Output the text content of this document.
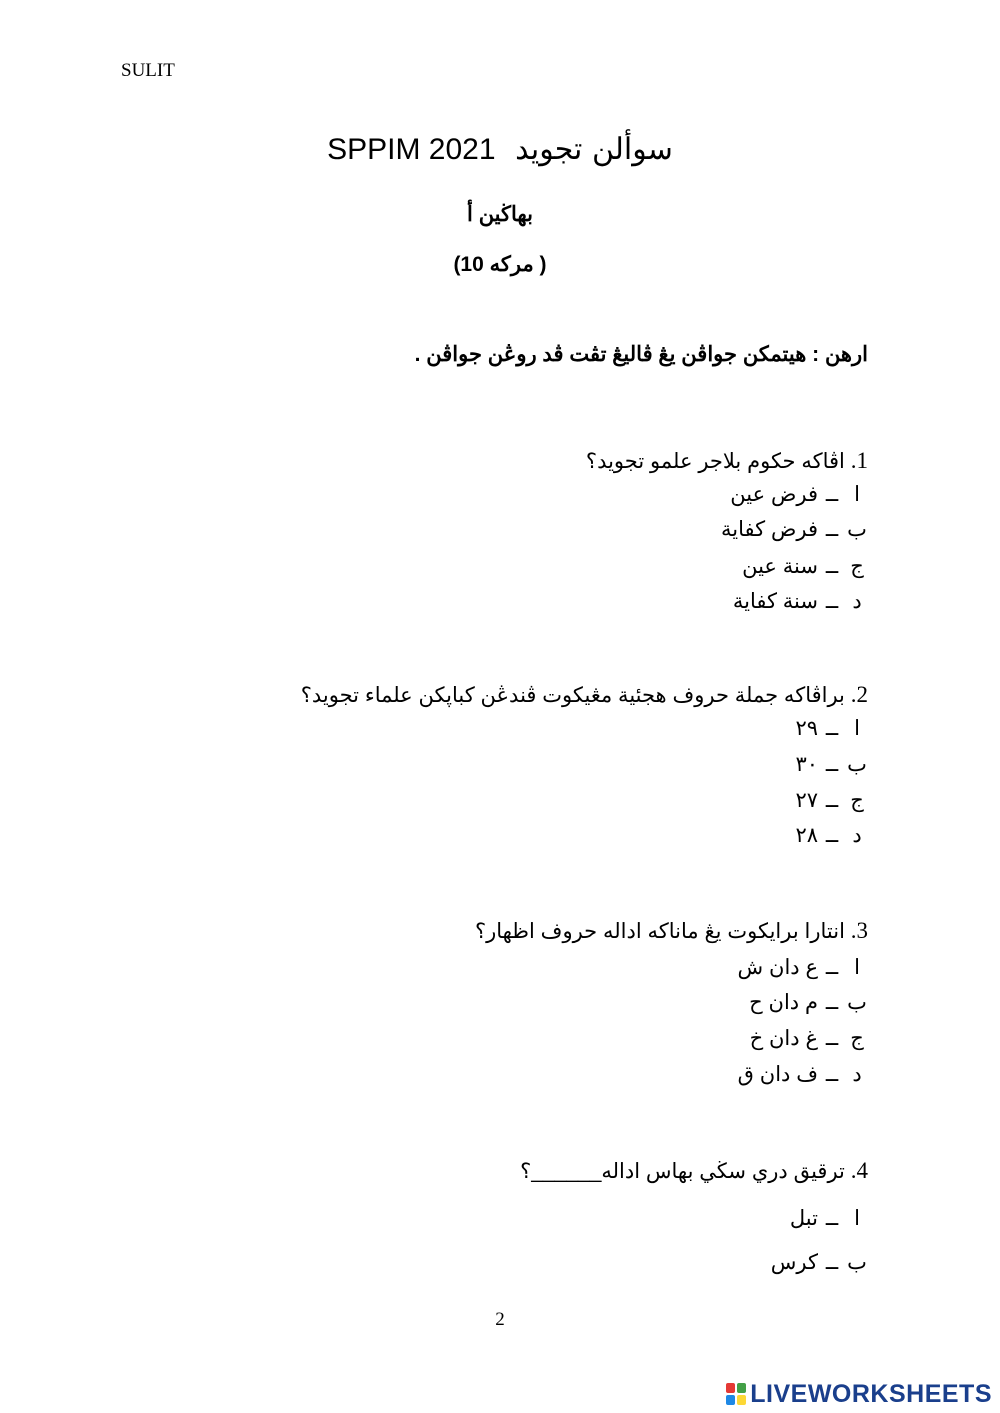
SULIT
SPPIM 2021 سوألن تجويد
بهاڬين أ
(10 مركه )
ارهن : هيتمكن جواڤن يڠ ڤاليڠ تڤت ڤد روڠن جواڤن .
1. اڤاكه حكوم بلاجر علمو تجويد؟
اــفرض عين
بــفرض كفاية
جــسنة عين
دــسنة كفاية
2. براڤاكه جملة حروف هجئية مڠيكوت ڤندڠن كباپكن علماء تجويد؟
اــ٢٩
بــ٣٠
جــ٢٧
دــ٢٨
3. انتارا برايكوت يڠ ماناكه اداله حروف اظهار؟
اــع دان ش
بــم دان ح
جــغ دان خ
دــف دان ق
4. ترقيق دري سڬي بهاس اداله______؟
اــتبل
بــكرس
2
LIVEWORKSHEETS
